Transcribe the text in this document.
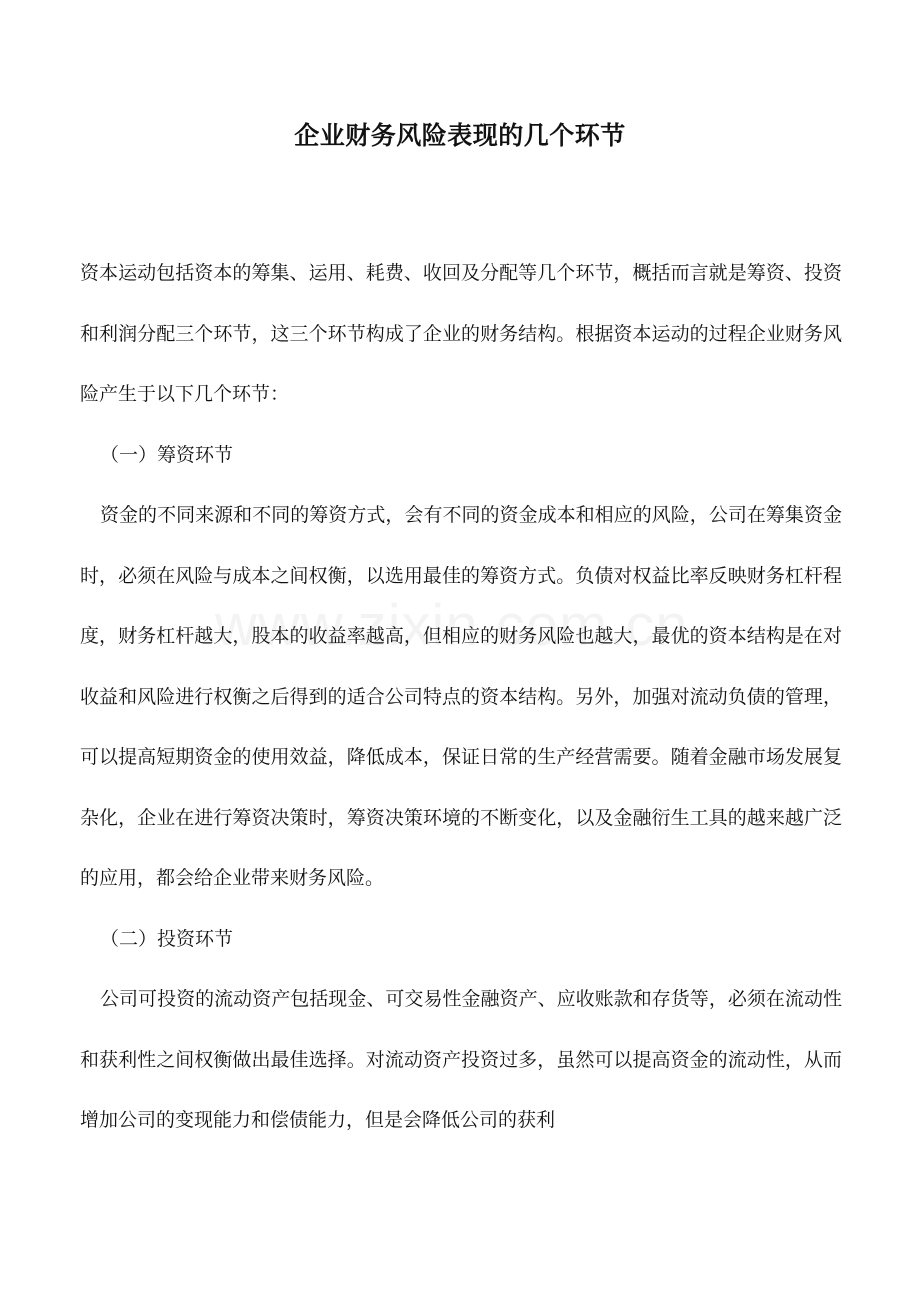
企业财务风险表现的几个环节

资本运动包括资本的筹集、运用、耗费、收回及分配等几个环节，概括而言就是筹资、投资和利润分配三个环节，这三个环节构成了企业的财务结构。根据资本运动的过程企业财务风险产生于以下几个环节：

（一）筹资环节

资金的不同来源和不同的筹资方式，会有不同的资金成本和相应的风险，公司在筹集资金时，必须在风险与成本之间权衡，以选用最佳的筹资方式。负债对权益比率反映财务杠杆程度，财务杠杆越大，股本的收益率越高，但相应的财务风险也越大，最优的资本结构是在对收益和风险进行权衡之后得到的适合公司特点的资本结构。另外，加强对流动负债的管理，可以提高短期资金的使用效益，降低成本，保证日常的生产经营需要。随着金融市场发展复杂化，企业在进行筹资决策时，筹资决策环境的不断变化，以及金融衍生工具的越来越广泛的应用，都会给企业带来财务风险。

（二）投资环节

公司可投资的流动资产包括现金、可交易性金融资产、应收账款和存货等，必须在流动性和获利性之间权衡做出最佳选择。对流动资产投资过多，虽然可以提高资金的流动性，从而增加公司的变现能力和偿债能力，但是会降低公司的获利
